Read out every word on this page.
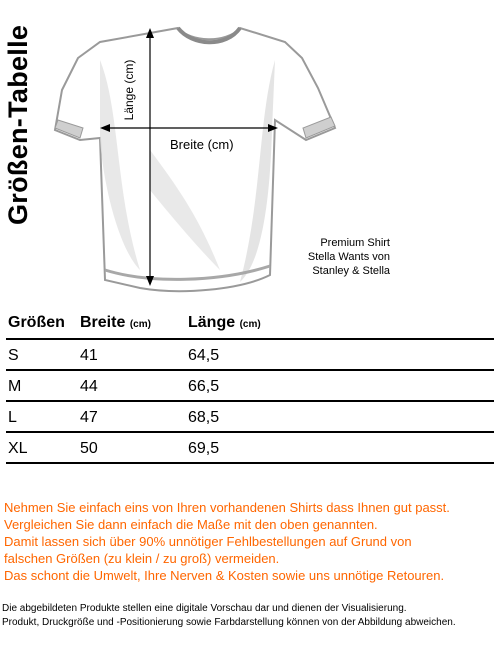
Größen-Tabelle	Breite (cm)
Länge (cm)
Premium Shirt
Stella Wants von
Stanley & Stella
Größen Breite (cm) Länge (cm)
S	41	64,5
M	44	66,5
L	47	68,5
XL	50	69,5
Nehmen Sie einfach eins von Ihren vorhandenen Shirts dass Ihnen gut passt.
Vergleichen Sie dann einfach die Maße mit den oben genannten.
Damit lassen sich über 90% unnötiger Fehlbestellungen auf Grund von
falschen Größen (zu klein / zu groß) vermeiden.
Das schont die Umwelt, Ihre Nerven & Kosten sowie uns unnötige Retouren.
Die abgebildeten Produkte stellen eine digitale Vorschau dar und dienen der Visualisierung.
Produkt, Druckgröße und -Positionierung sowie Farbdarstellung können von der Abbildung abweichen.
